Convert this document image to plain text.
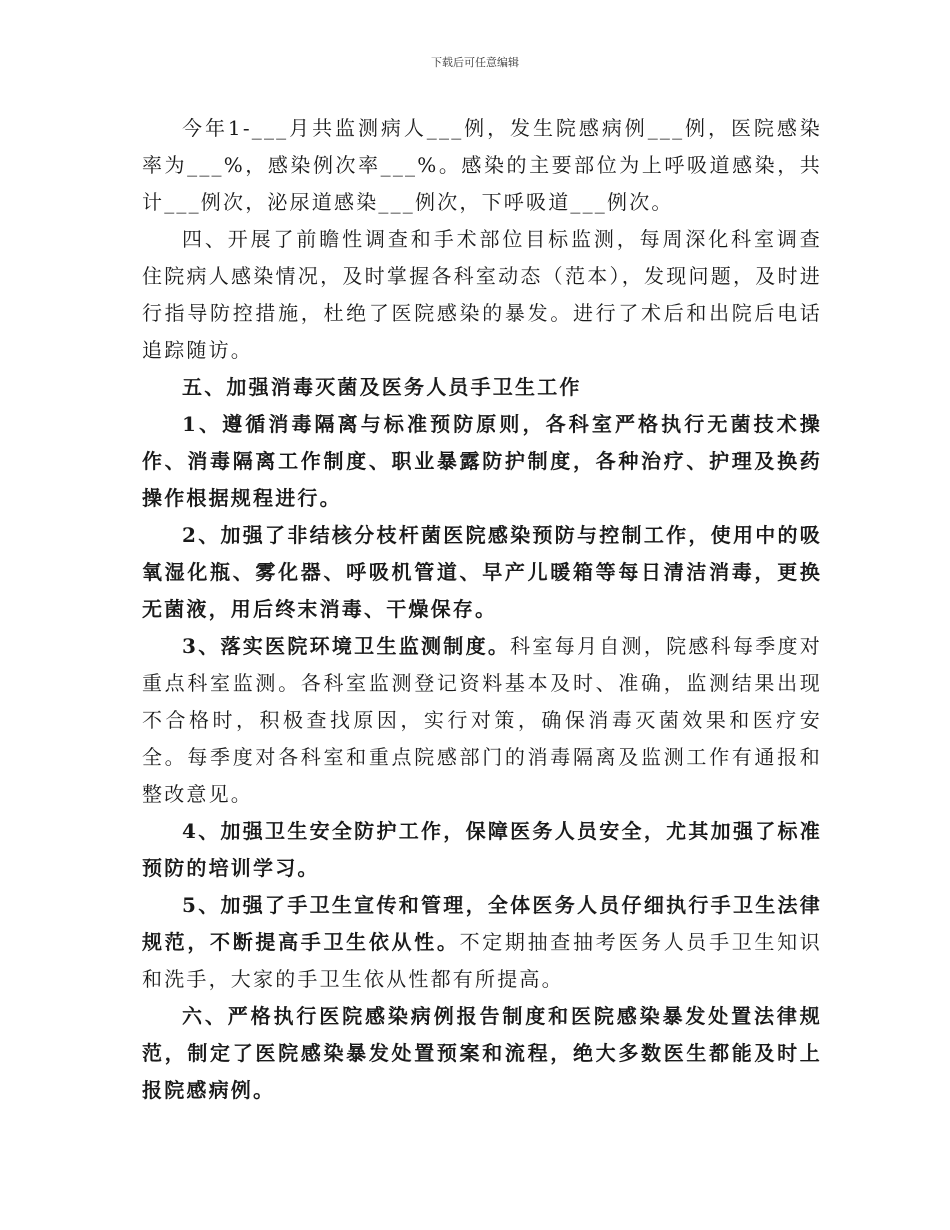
下载后可任意编辑

今年1-___月共监测病人___例，发生院感病例___例，医院感染率为___%，感染例次率___%。感染的主要部位为上呼吸道感染，共计___例次，泌尿道感染___例次，下呼吸道___例次。

四、开展了前瞻性调查和手术部位目标监测，每周深化科室调查住院病人感染情况，及时掌握各科室动态（范本），发现问题，及时进行指导防控措施，杜绝了医院感染的暴发。进行了术后和出院后电话追踪随访。

五、加强消毒灭菌及医务人员手卫生工作

1、遵循消毒隔离与标准预防原则，各科室严格执行无菌技术操作、消毒隔离工作制度、职业暴露防护制度，各种治疗、护理及换药操作根据规程进行。

2、加强了非结核分枝杆菌医院感染预防与控制工作，使用中的吸氧湿化瓶、雾化器、呼吸机管道、早产儿暖箱等每日清洁消毒，更换无菌液，用后终末消毒、干燥保存。

3、落实医院环境卫生监测制度。科室每月自测，院感科每季度对重点科室监测。各科室监测登记资料基本及时、准确，监测结果出现不合格时，积极查找原因，实行对策，确保消毒灭菌效果和医疗安全。每季度对各科室和重点院感部门的消毒隔离及监测工作有通报和整改意见。

4、加强卫生安全防护工作，保障医务人员安全，尤其加强了标准预防的培训学习。

5、加强了手卫生宣传和管理，全体医务人员仔细执行手卫生法律规范，不断提高手卫生依从性。不定期抽查抽考医务人员手卫生知识和洗手，大家的手卫生依从性都有所提高。

六、严格执行医院感染病例报告制度和医院感染暴发处置法律规范，制定了医院感染暴发处置预案和流程，绝大多数医生都能及时上报院感病例。
